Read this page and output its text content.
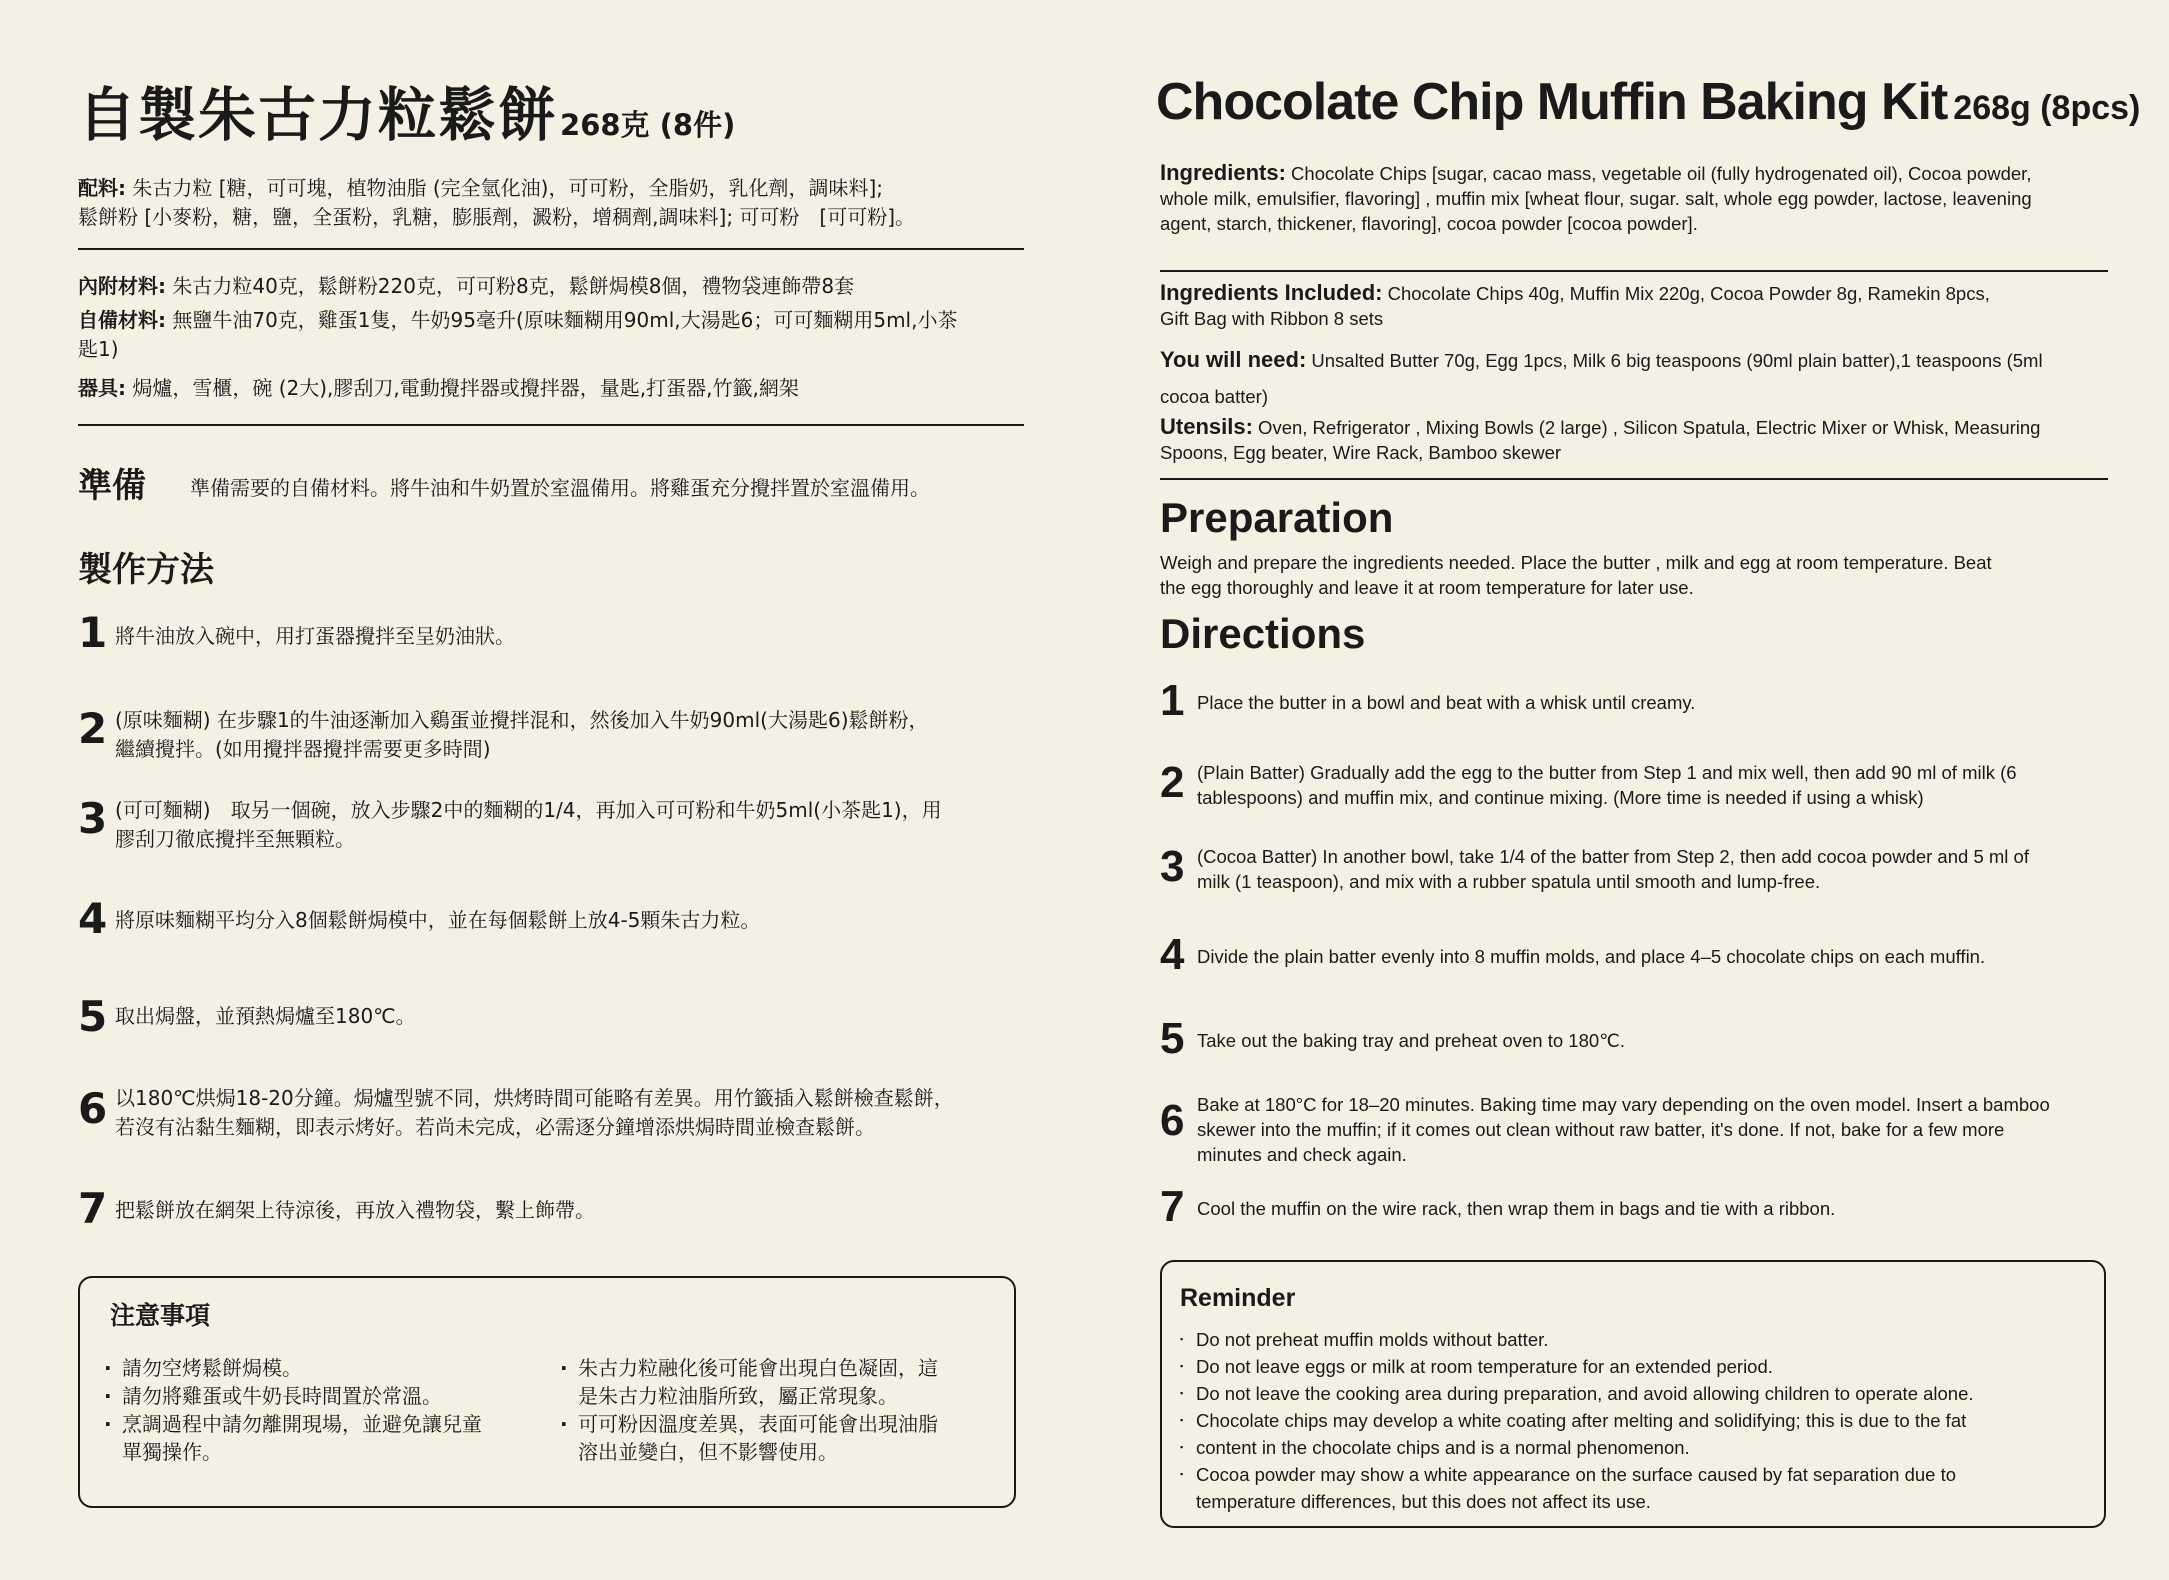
自製朱古力粒鬆餅268克 (8件)
配料: 朱古力粒 [糖，可可塊，植物油脂 (完全氫化油)，可可粉，全脂奶，乳化劑，調味料];
鬆餅粉 [小麥粉，糖，鹽，全蛋粉，乳糖，膨脹劑，澱粉，增稠劑,調味料]; 可可粉　[可可粉]。
內附材料: 朱古力粒40克，鬆餅粉220克，可可粉8克，鬆餅焗模8個，禮物袋連飾帶8套
自備材料: 無鹽牛油70克，雞蛋1隻，牛奶95毫升(原味麵糊用90ml,大湯匙6；可可麵糊用5ml,小茶
匙1)
器具: 焗爐，雪櫃，碗 (2大),膠刮刀,電動攪拌器或攪拌器，量匙,打蛋器,竹籤,網架
準備 準備需要的自備材料。將牛油和牛奶置於室溫備用。將雞蛋充分攪拌置於室溫備用。
製作方法
1 將牛油放入碗中，用打蛋器攪拌至呈奶油狀。
2 (原味麵糊) 在步驟1的牛油逐漸加入鷄蛋並攪拌混和，然後加入牛奶90ml(大湯匙6)鬆餅粉，
繼續攪拌。(如用攪拌器攪拌需要更多時間)
3 (可可麵糊)　取另一個碗，放入步驟2中的麵糊的1/4，再加入可可粉和牛奶5ml(小茶匙1)，用
膠刮刀徹底攪拌至無顆粒。
4 將原味麵糊平均分入8個鬆餅焗模中，並在每個鬆餅上放4-5顆朱古力粒。
5 取出焗盤，並預熱焗爐至180℃。
6 以180℃烘焗18-20分鐘。焗爐型號不同，烘烤時間可能略有差異。用竹籤插入鬆餅檢查鬆餅，
若沒有沾黏生麵糊，即表示烤好。若尚未完成，必需逐分鐘增添烘焗時間並檢查鬆餅。
7 把鬆餅放在網架上待涼後，再放入禮物袋，繫上飾帶。
注意事項
· 請勿空烤鬆餅焗模。
· 請勿將雞蛋或牛奶長時間置於常溫。
· 烹調過程中請勿離開現場，並避免讓兒童
單獨操作。
· 朱古力粒融化後可能會出現白色凝固，這
是朱古力粒油脂所致，屬正常現象。
· 可可粉因溫度差異，表面可能會出現油脂
溶出並變白，但不影響使用。
Chocolate Chip Muffin Baking Kit 268g (8pcs)
Ingredients: Chocolate Chips [sugar, cacao mass, vegetable oil (fully hydrogenated oil), Cocoa powder,
whole milk, emulsifier, flavoring] , muffin mix [wheat flour, sugar. salt, whole egg powder, lactose, leavening
agent, starch, thickener, flavoring], cocoa powder [cocoa powder].
Ingredients Included: Chocolate Chips 40g, Muffin Mix 220g, Cocoa Powder 8g, Ramekin 8pcs,
Gift Bag with Ribbon 8 sets
You will need: Unsalted Butter 70g, Egg 1pcs, Milk 6 big teaspoons (90ml plain batter),1 teaspoons (5ml
cocoa batter)
Utensils: Oven, Refrigerator , Mixing Bowls (2 large) , Silicon Spatula, Electric Mixer or Whisk, Measuring
Spoons, Egg beater, Wire Rack, Bamboo skewer
Preparation
Weigh and prepare the ingredients needed. Place the butter , milk and egg at room temperature. Beat
the egg thoroughly and leave it at room temperature for later use.
Directions
1 Place the butter in a bowl and beat with a whisk until creamy.
2 (Plain Batter) Gradually add the egg to the butter from Step 1 and mix well, then add 90 ml of milk (6
tablespoons) and muffin mix, and continue mixing. (More time is needed if using a whisk)
3 (Cocoa Batter) In another bowl, take 1/4 of the batter from Step 2, then add cocoa powder and 5 ml of
milk (1 teaspoon), and mix with a rubber spatula until smooth and lump-free.
4 Divide the plain batter evenly into 8 muffin molds, and place 4–5 chocolate chips on each muffin.
5 Take out the baking tray and preheat oven to 180℃.
6 Bake at 180°C for 18–20 minutes. Baking time may vary depending on the oven model. Insert a bamboo
skewer into the muffin; if it comes out clean without raw batter, it's done. If not, bake for a few more
minutes and check again.
7 Cool the muffin on the wire rack, then wrap them in bags and tie with a ribbon.
Reminder
▪ Do not preheat muffin molds without batter.
▪ Do not leave eggs or milk at room temperature for an extended period.
▪ Do not leave the cooking area during preparation, and avoid allowing children to operate alone.
▪ Chocolate chips may develop a white coating after melting and solidifying; this is due to the fat
▪ content in the chocolate chips and is a normal phenomenon.
▪ Cocoa powder may show a white appearance on the surface caused by fat separation due to
temperature differences, but this does not affect its use.
